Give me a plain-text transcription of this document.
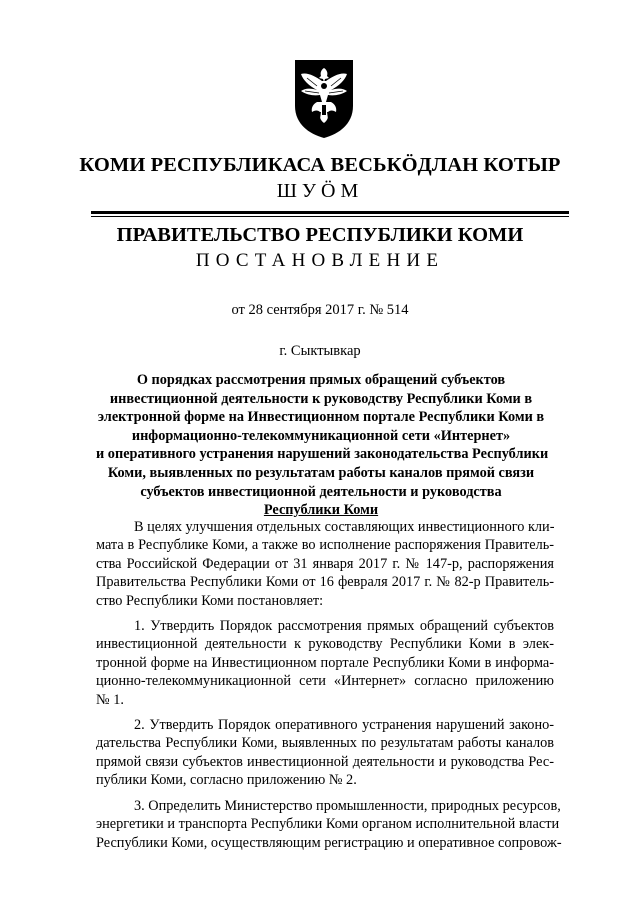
КОМИ РЕСПУБЛИКАСА ВЕСЬКÖДЛАН КОТЫР
ШУÖМ
ПРАВИТЕЛЬСТВО РЕСПУБЛИКИ КОМИ
ПОСТАНОВЛЕНИЕ
от 28 сентября 2017 г. № 514
г. Сыктывкар
О порядках рассмотрения прямых обращений субъектов
инвестиционной деятельности к руководству Республики Коми в
электронной форме на Инвестиционном портале Республики Коми в
информационно-телекоммуникационной сети «Интернет»
и оперативного устранения нарушений законодательства Республики
Коми, выявленных по результатам работы каналов прямой связи
субъектов инвестиционной деятельности и руководства
Республики Коми
В целях улучшения отдельных составляющих инвестиционного кли-
мата в Республике Коми, а также во исполнение распоряжения Правитель-
ства Российской Федерации от 31 января 2017 г. № 147-р, распоряжения
Правительства Республики Коми от 16 февраля 2017 г. № 82-р Правитель-
ство Республики Коми постановляет:
1. Утвердить Порядок рассмотрения прямых обращений субъектов
инвестиционной деятельности к руководству Республики Коми в элек-
тронной форме на Инвестиционном портале Республики Коми в информа-
ционно-телекоммуникационной сети «Интернет» согласно приложению
№ 1.
2. Утвердить Порядок оперативного устранения нарушений законо-
дательства Республики Коми, выявленных по результатам работы каналов
прямой связи субъектов инвестиционной деятельности и руководства Рес-
публики Коми, согласно приложению № 2.
3. Определить Министерство промышленности, природных ресурсов,
энергетики и транспорта Республики Коми органом исполнительной власти
Республики Коми, осуществляющим регистрацию и оперативное сопровож-
